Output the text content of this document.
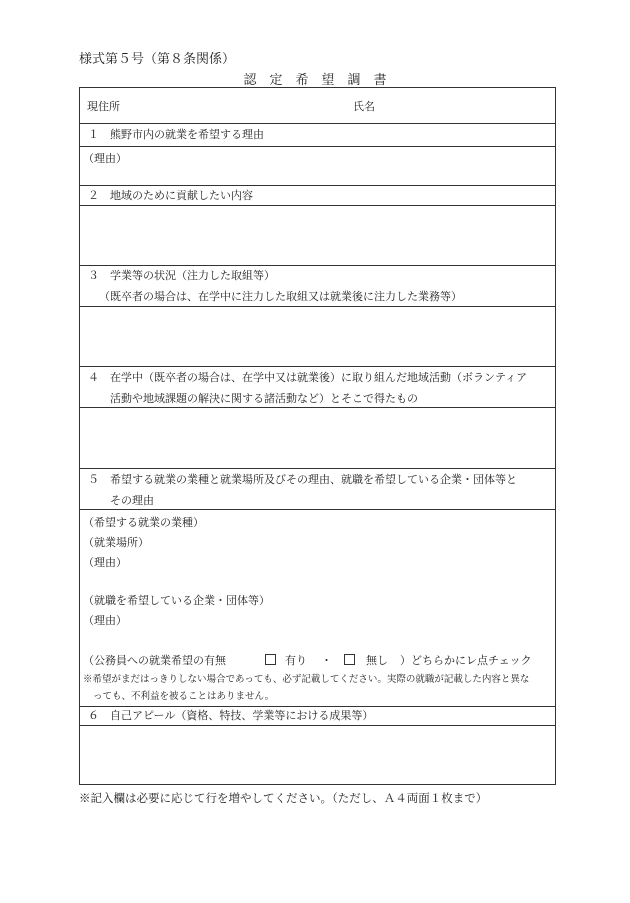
様式第５号（第８条関係）
認　定　希　望　調　書
現住所	氏名
１　熊野市内の就業を希望する理由
（理由）
２　地域のために貢献したい内容
３　学業等の状況（注力した取組等）
（既卒者の場合は、在学中に注力した取組又は就業後に注力した業務等）
４　在学中（既卒者の場合は、在学中又は就業後）に取り組んだ地域活動（ボランティア
活動や地域課題の解決に関する諸活動など）とそこで得たもの
５　希望する就業の業種と就業場所及びその理由、就職を希望している企業・団体等と
その理由
（希望する就業の業種）
（就業場所）
（理由）
（就職を希望している企業・団体等）
（理由）
（公務員への就業希望の有無	有り ・	無し ）どちらかにレ点チェック
※希望がまだはっきりしない場合であっても、必ず記載してください。実際の就職が記載した内容と異な
っても、不利益を被ることはありません。
６　自己アピール（資格、特技、学業等における成果等）
※記入欄は必要に応じて行を増やしてください。（ただし、Ａ４両面１枚まで）
